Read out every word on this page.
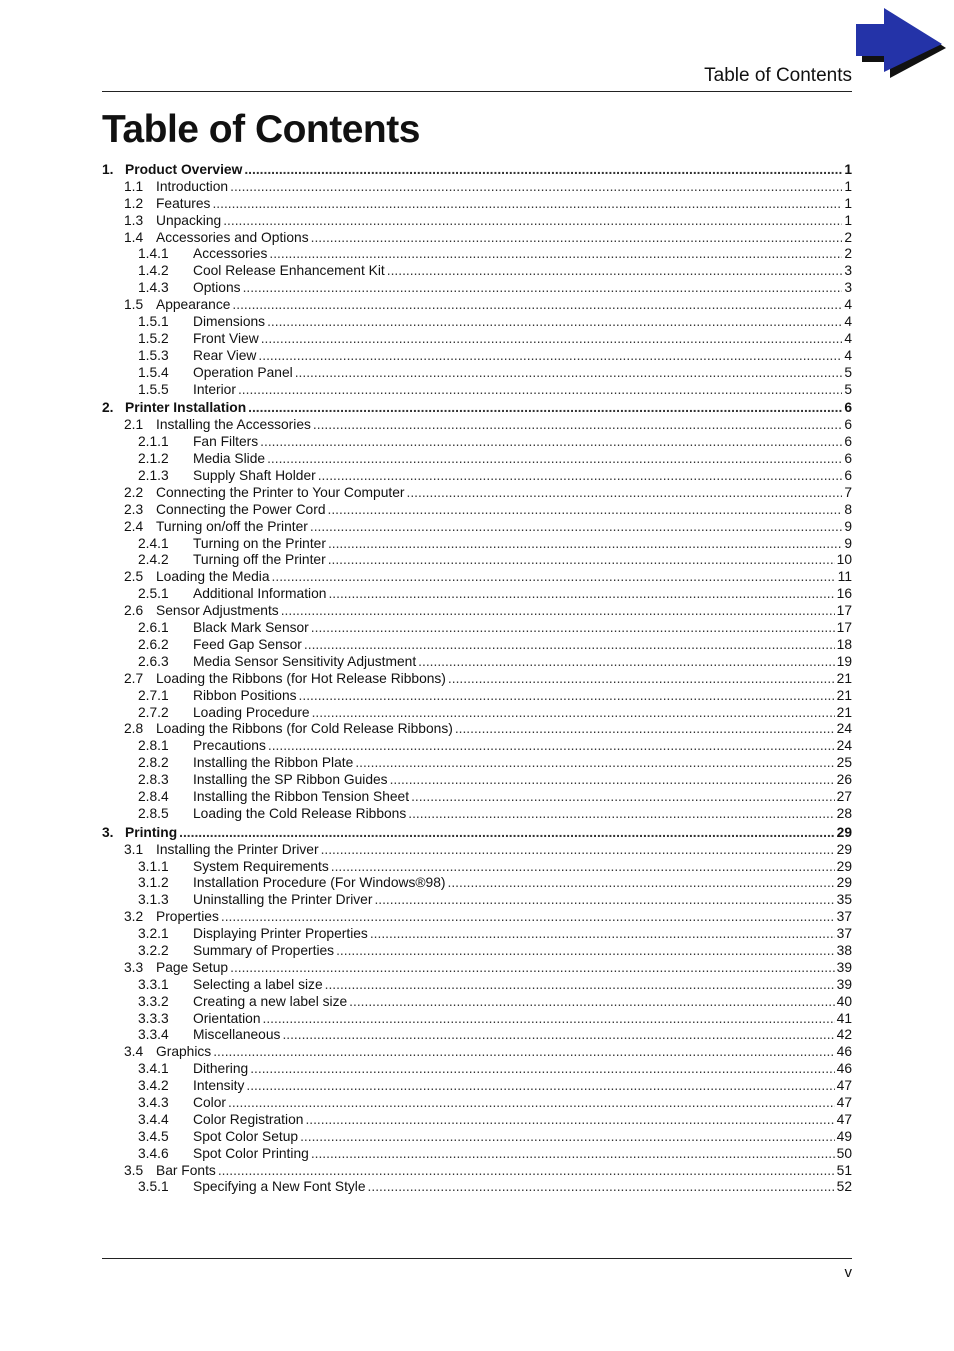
Table of Contents
Table of Contents
1. Product Overview .....	1
1.1 Introduction .....	1
1.2 Features .....	1
1.3 Unpacking .....	1
1.4 Accessories and Options .....	2
1.4.1	Accessories .....	2
1.4.2	Cool Release Enhancement Kit .....	3
1.4.3	Options .....	3
1.5 Appearance .....	4
1.5.1	Dimensions .....	4
1.5.2	Front View .....	4
1.5.3	Rear View .....	4
1.5.4	Operation Panel .....	5
1.5.5	Interior .....	5
2. Printer Installation .....	6
2.1 Installing the Accessories .....	6
2.1.1	Fan Filters .....	6
2.1.2	Media Slide .....	6
2.1.3	Supply Shaft Holder .....	6
2.2 Connecting the Printer to Your Computer .....	7
2.3 Connecting the Power Cord .....	8
2.4 Turning on/off the Printer .....	9
2.4.1	Turning on the Printer .....	9
2.4.2	Turning off the Printer .....	10
2.5 Loading the Media .....	11
2.5.1	Additional Information .....	16
2.6 Sensor Adjustments .....	17
2.6.1	Black Mark Sensor .....	17
2.6.2	Feed Gap Sensor .....	18
2.6.3	Media Sensor Sensitivity Adjustment .....	19
2.7 Loading the Ribbons (for Hot Release Ribbons) .....	21
2.7.1	Ribbon Positions .....	21
2.7.2	Loading Procedure .....	21
2.8 Loading the Ribbons (for Cold Release Ribbons) .....	24
2.8.1	Precautions .....	24
2.8.2	Installing the Ribbon Plate .....	25
2.8.3	Installing the SP Ribbon Guides .....	26
2.8.4	Installing the Ribbon Tension Sheet .....	27
2.8.5	Loading the Cold Release Ribbons .....	28
3. Printing .....	29
3.1 Installing the Printer Driver .....	29
3.1.1	System Requirements .....	29
3.1.2	Installation Procedure (For Windows®98) .....	29
3.1.3	Uninstalling the Printer Driver .....	35
3.2 Properties .....	37
3.2.1	Displaying Printer Properties .....	37
3.2.2	Summary of Properties .....	38
3.3 Page Setup .....	39
3.3.1	Selecting a label size .....	39
3.3.2	Creating a new label size .....	40
3.3.3	Orientation .....	41
3.3.4	Miscellaneous .....	42
3.4 Graphics .....	46
3.4.1	Dithering .....	46
3.4.2	Intensity .....	47
3.4.3	Color .....	47
3.4.4	Color Registration .....	47
3.4.5	Spot Color Setup .....	49
3.4.6	Spot Color Printing .....	50
3.5 Bar Fonts .....	51
3.5.1	Specifying a New Font Style .....	52
v
